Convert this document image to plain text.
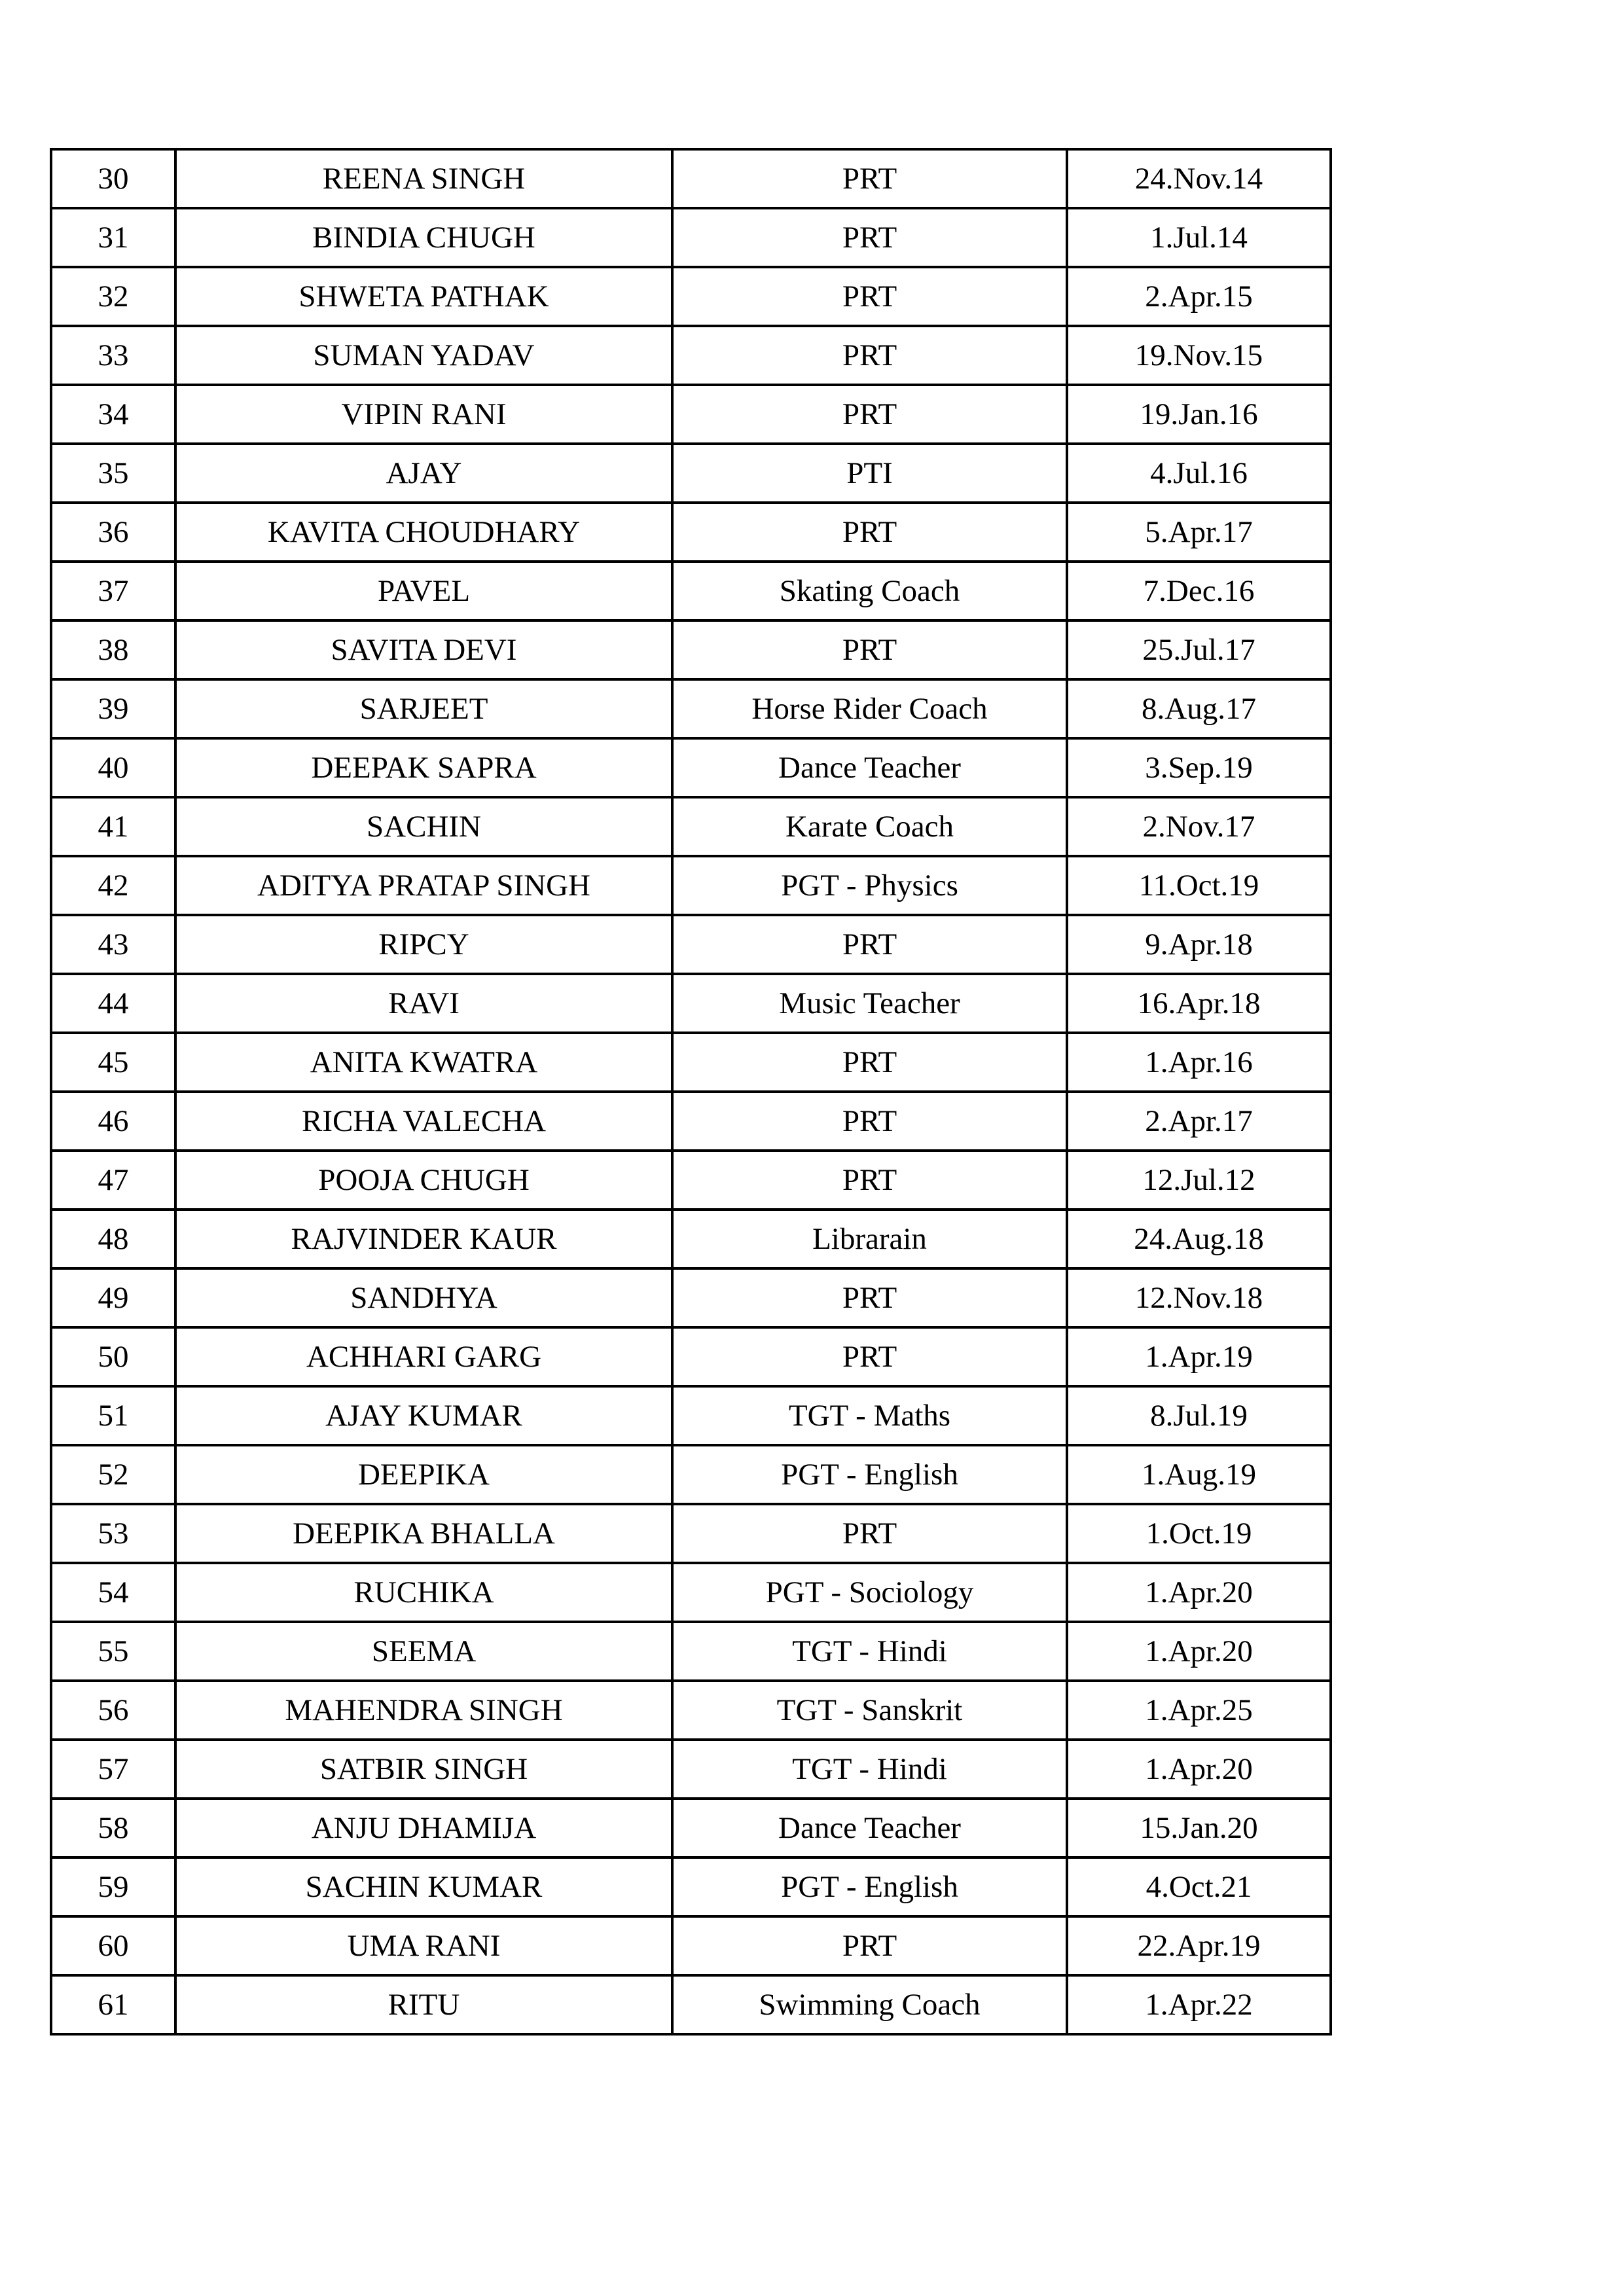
30	REENA SINGH	PRT	24.Nov.14
31	BINDIA CHUGH	PRT	1.Jul.14
32	SHWETA PATHAK	PRT	2.Apr.15
33	SUMAN YADAV	PRT	19.Nov.15
34	VIPIN RANI	PRT	19.Jan.16
35	AJAY	PTI	4.Jul.16
36	KAVITA CHOUDHARY	PRT	5.Apr.17
37	PAVEL	Skating Coach	7.Dec.16
38	SAVITA DEVI	PRT	25.Jul.17
39	SARJEET	Horse Rider Coach	8.Aug.17
40	DEEPAK SAPRA	Dance Teacher	3.Sep.19
41	SACHIN	Karate Coach	2.Nov.17
42	ADITYA PRATAP SINGH	PGT - Physics	11.Oct.19
43	RIPCY	PRT	9.Apr.18
44	RAVI	Music Teacher	16.Apr.18
45	ANITA KWATRA	PRT	1.Apr.16
46	RICHA VALECHA	PRT	2.Apr.17
47	POOJA CHUGH	PRT	12.Jul.12
48	RAJVINDER KAUR	Librarain	24.Aug.18
49	SANDHYA	PRT	12.Nov.18
50	ACHHARI GARG	PRT	1.Apr.19
51	AJAY KUMAR	TGT - Maths	8.Jul.19
52	DEEPIKA	PGT - English	1.Aug.19
53	DEEPIKA BHALLA	PRT	1.Oct.19
54	RUCHIKA	PGT - Sociology	1.Apr.20
55	SEEMA	TGT - Hindi	1.Apr.20
56	MAHENDRA SINGH	TGT - Sanskrit	1.Apr.25
57	SATBIR SINGH	TGT - Hindi	1.Apr.20
58	ANJU DHAMIJA	Dance Teacher	15.Jan.20
59	SACHIN KUMAR	PGT - English	4.Oct.21
60	UMA RANI	PRT	22.Apr.19
61	RITU	Swimming Coach	1.Apr.22
